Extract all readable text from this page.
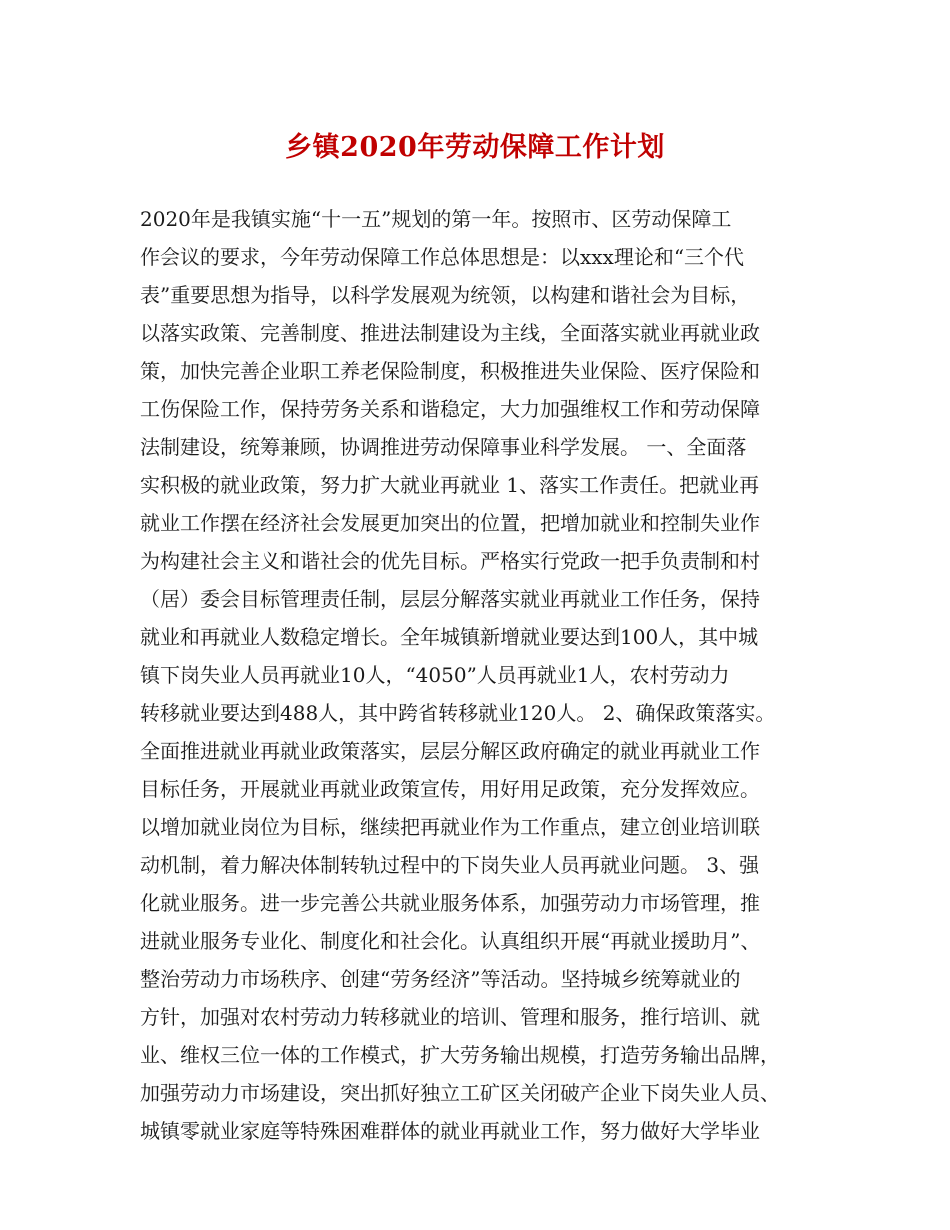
乡镇2020年劳动保障工作计划
2020年是我镇实施“十一五”规划的第一年。按照市、区劳动保障工
作会议的要求，今年劳动保障工作总体思想是：以xxx理论和“三个代
表”重要思想为指导，以科学发展观为统领，以构建和谐社会为目标，
以落实政策、完善制度、推进法制建设为主线，全面落实就业再就业政
策，加快完善企业职工养老保险制度，积极推进失业保险、医疗保险和
工伤保险工作，保持劳务关系和谐稳定，大力加强维权工作和劳动保障
法制建设，统筹兼顾，协调推进劳动保障事业科学发展。 一、全面落
实积极的就业政策，努力扩大就业再就业 1、落实工作责任。把就业再
就业工作摆在经济社会发展更加突出的位置，把增加就业和控制失业作
为构建社会主义和谐社会的优先目标。严格实行党政一把手负责制和村
（居）委会目标管理责任制，层层分解落实就业再就业工作任务，保持
就业和再就业人数稳定增长。全年城镇新增就业要达到100人，其中城
镇下岗失业人员再就业10人，“4050”人员再就业1人，农村劳动力
转移就业要达到488人，其中跨省转移就业120人。 2、确保政策落实。
全面推进就业再就业政策落实，层层分解区政府确定的就业再就业工作
目标任务，开展就业再就业政策宣传，用好用足政策，充分发挥效应。
以增加就业岗位为目标，继续把再就业作为工作重点，建立创业培训联
动机制，着力解决体制转轨过程中的下岗失业人员再就业问题。 3、强
化就业服务。进一步完善公共就业服务体系，加强劳动力市场管理，推
进就业服务专业化、制度化和社会化。认真组织开展“再就业援助月”、
整治劳动力市场秩序、创建“劳务经济”等活动。坚持城乡统筹就业的
方针，加强对农村劳动力转移就业的培训、管理和服务，推行培训、就
业、维权三位一体的工作模式，扩大劳务输出规模，打造劳务输出品牌，
加强劳动力市场建设，突出抓好独立工矿区关闭破产企业下岗失业人员、
城镇零就业家庭等特殊困难群体的就业再就业工作，努力做好大学毕业
